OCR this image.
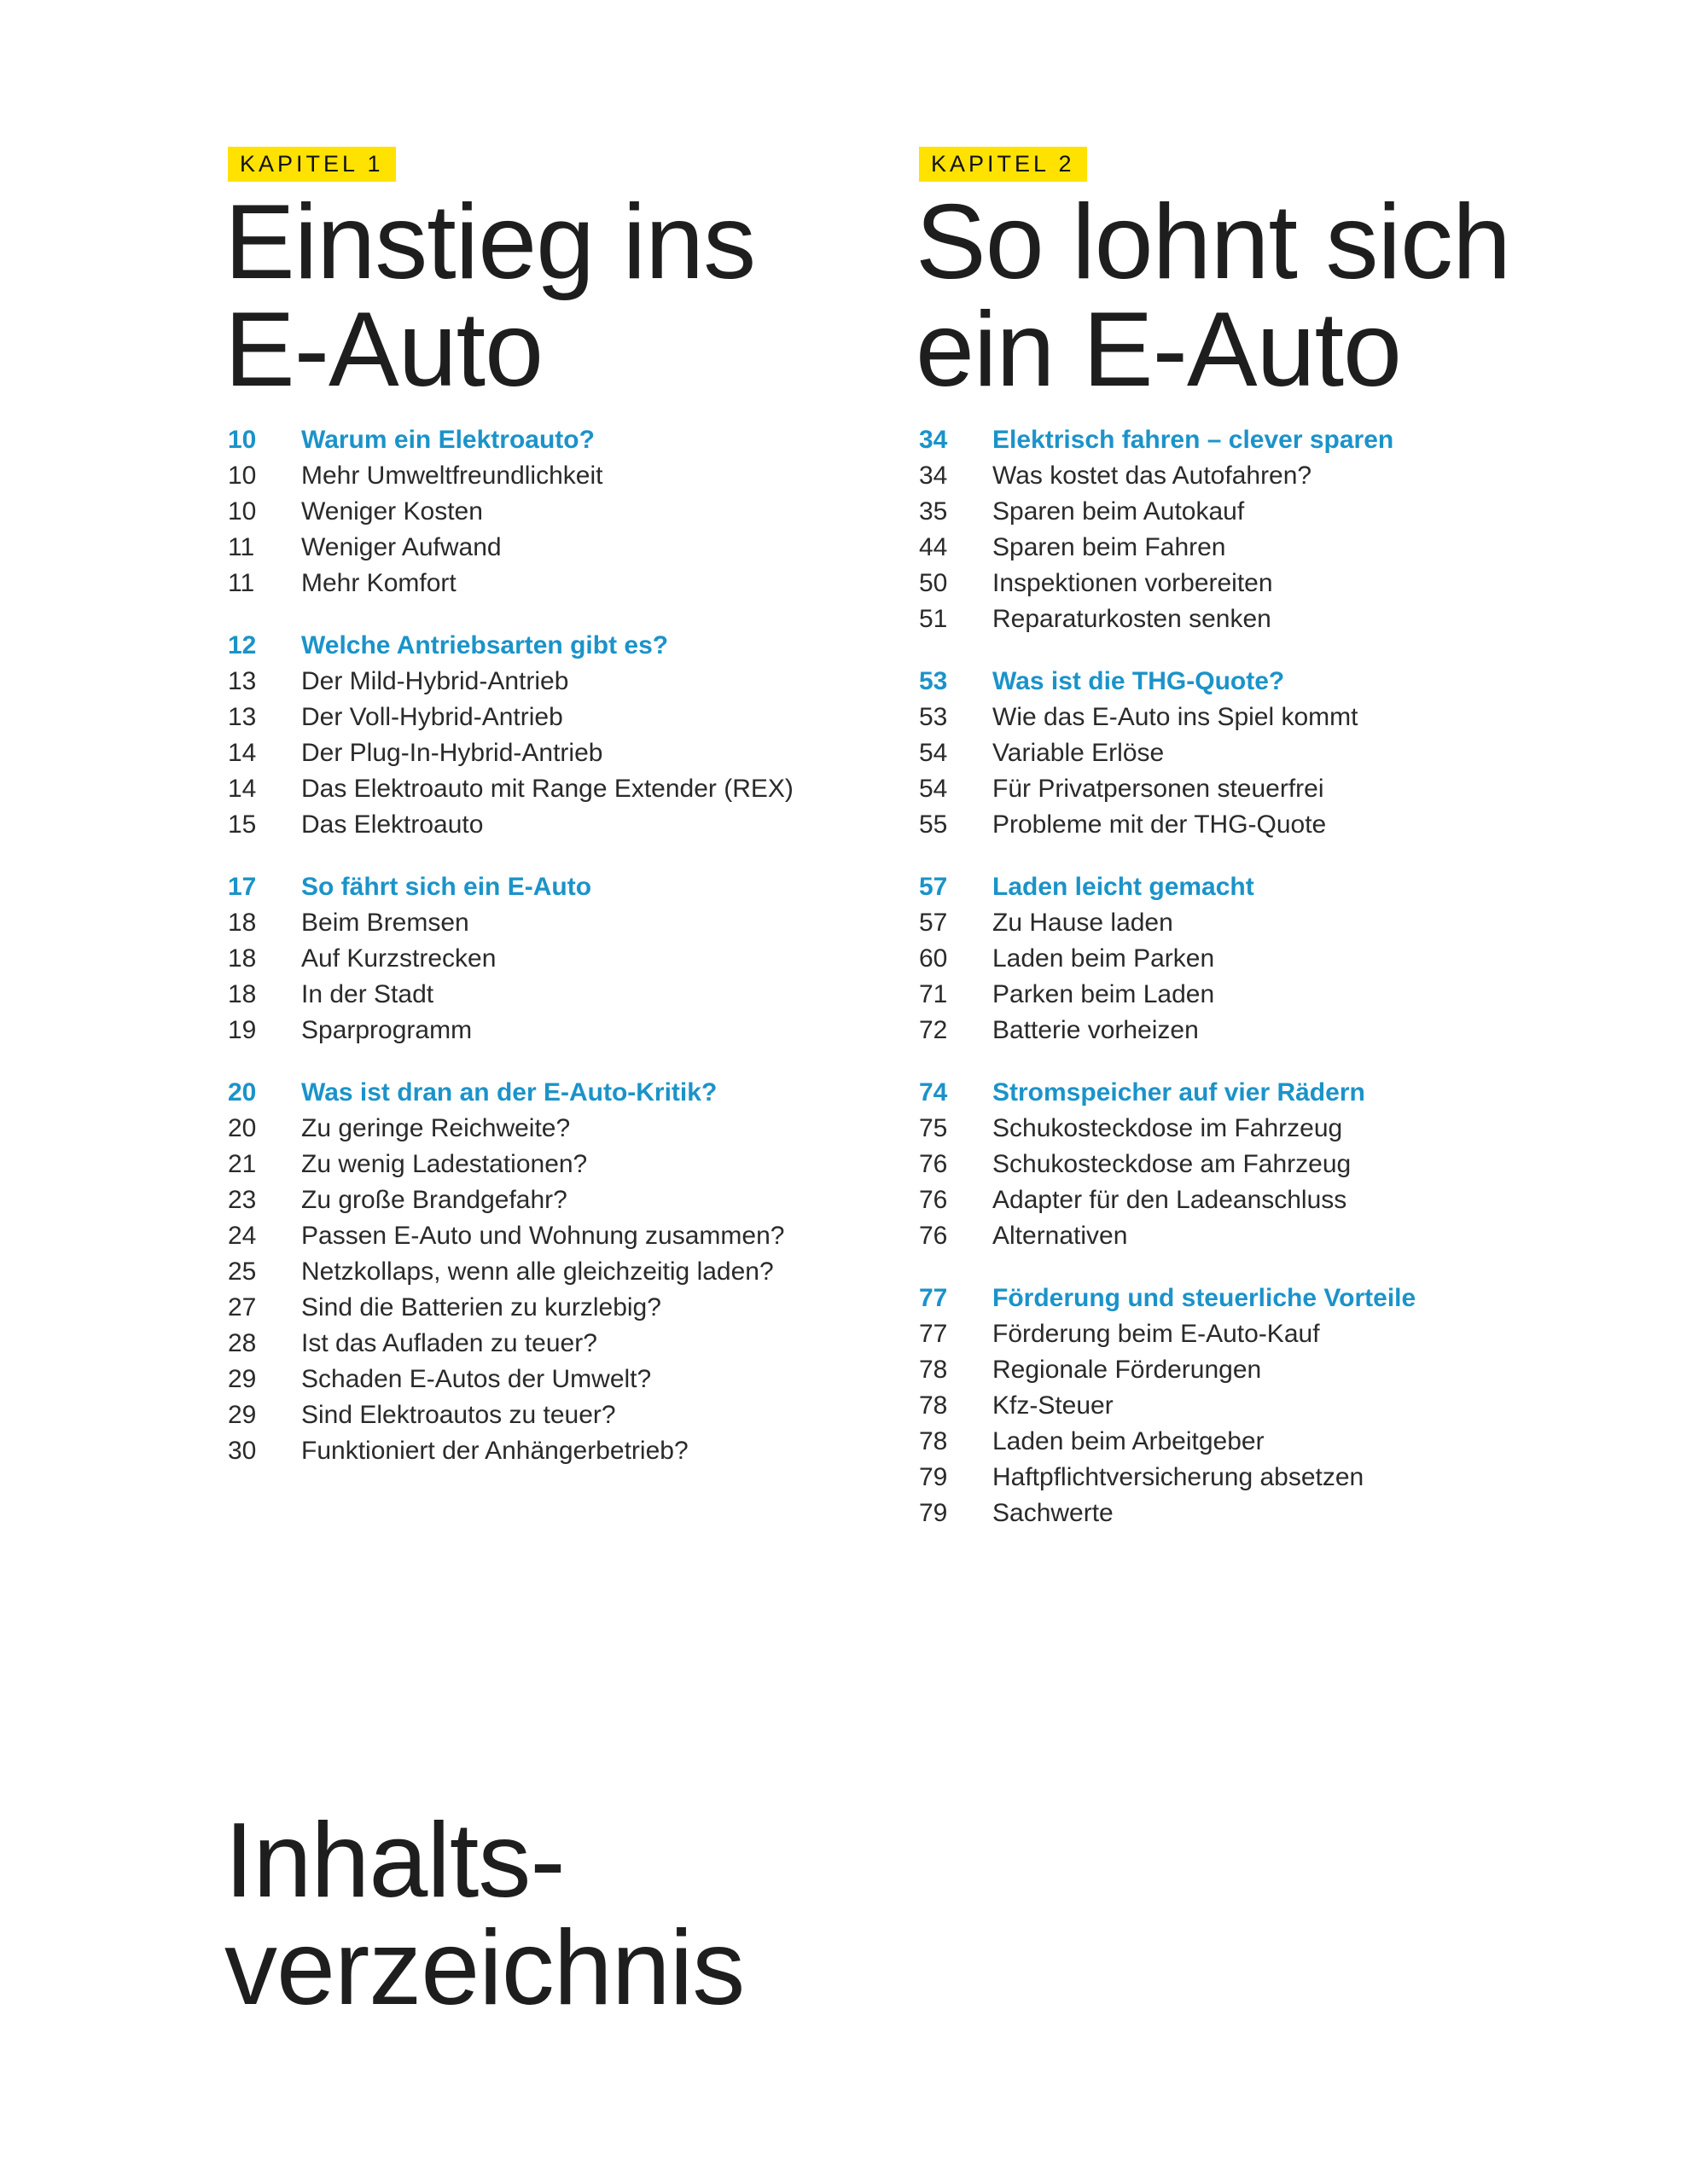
KAPITEL 1
Einstieg ins
E-Auto
10	Warum ein Elektroauto?
10	Mehr Umweltfreundlichkeit
10	Weniger Kosten
11	Weniger Aufwand
11	Mehr Komfort
12	Welche Antriebsarten gibt es?
13	Der Mild-Hybrid-Antrieb
13	Der Voll-Hybrid-Antrieb
14	Der Plug-In-Hybrid-Antrieb
14	Das Elektroauto mit Range Extender (REX)
15	Das Elektroauto
17	So fährt sich ein E-Auto
18	Beim Bremsen
18	Auf Kurzstrecken
18	In der Stadt
19	Sparprogramm
20	Was ist dran an der E-Auto-Kritik?
20	Zu geringe Reichweite?
21	Zu wenig Ladestationen?
23	Zu große Brandgefahr?
24	Passen E-Auto und Wohnung zusammen?
25	Netzkollaps, wenn alle gleichzeitig laden?
27	Sind die Batterien zu kurzlebig?
28	Ist das Aufladen zu teuer?
29	Schaden E-Autos der Umwelt?
29	Sind Elektroautos zu teuer?
30	Funktioniert der Anhängerbetrieb?
KAPITEL 2
So lohnt sich
ein E-Auto
34	Elektrisch fahren – clever sparen
34	Was kostet das Autofahren?
35	Sparen beim Autokauf
44	Sparen beim Fahren
50	Inspektionen vorbereiten
51	Reparaturkosten senken
53	Was ist die THG-Quote?
53	Wie das E-Auto ins Spiel kommt
54	Variable Erlöse
54	Für Privatpersonen steuerfrei
55	Probleme mit der THG-Quote
57	Laden leicht gemacht
57	Zu Hause laden
60	Laden beim Parken
71	Parken beim Laden
72	Batterie vorheizen
74	Stromspeicher auf vier Rädern
75	Schukosteckdose im Fahrzeug
76	Schukosteckdose am Fahrzeug
76	Adapter für den Ladeanschluss
76	Alternativen
77	Förderung und steuerliche Vorteile
77	Förderung beim E-Auto-Kauf
78	Regionale Förderungen
78	Kfz-Steuer
78	Laden beim Arbeitgeber
79	Haftpflichtversicherung absetzen
79	Sachwerte
Inhalts-
verzeichnis
